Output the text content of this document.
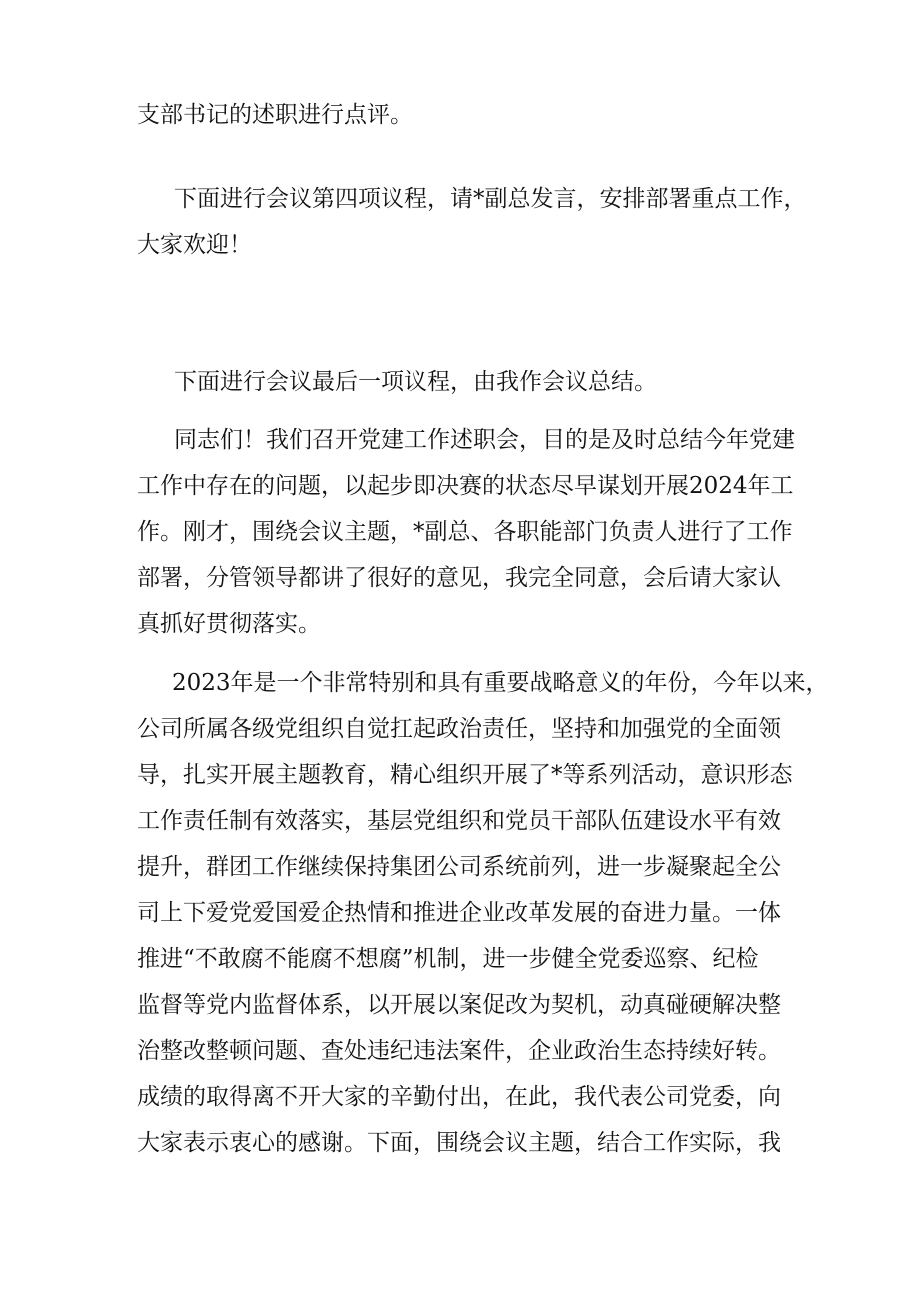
支部书记的述职进行点评。

下面进行会议第四项议程，请*副总发言，安排部署重点工作，

大家欢迎！

下面进行会议最后一项议程，由我作会议总结。

同志们！我们召开党建工作述职会，目的是及时总结今年党建

工作中存在的问题，以起步即决赛的状态尽早谋划开展2024年工

作。刚才，围绕会议主题，*副总、各职能部门负责人进行了工作

部署，分管领导都讲了很好的意见，我完全同意，会后请大家认

真抓好贯彻落实。

2023年是一个非常特别和具有重要战略意义的年份，今年以来，

公司所属各级党组织自觉扛起政治责任，坚持和加强党的全面领

导，扎实开展主题教育，精心组织开展了*等系列活动，意识形态

工作责任制有效落实，基层党组织和党员干部队伍建设水平有效

提升，群团工作继续保持集团公司系统前列，进一步凝聚起全公

司上下爱党爱国爱企热情和推进企业改革发展的奋进力量。一体

推进“不敢腐不能腐不想腐”机制，进一步健全党委巡察、纪检

监督等党内监督体系，以开展以案促改为契机，动真碰硬解决整

治整改整顿问题、查处违纪违法案件，企业政治生态持续好转。

成绩的取得离不开大家的辛勤付出，在此，我代表公司党委，向

大家表示衷心的感谢。下面，围绕会议主题，结合工作实际，我
